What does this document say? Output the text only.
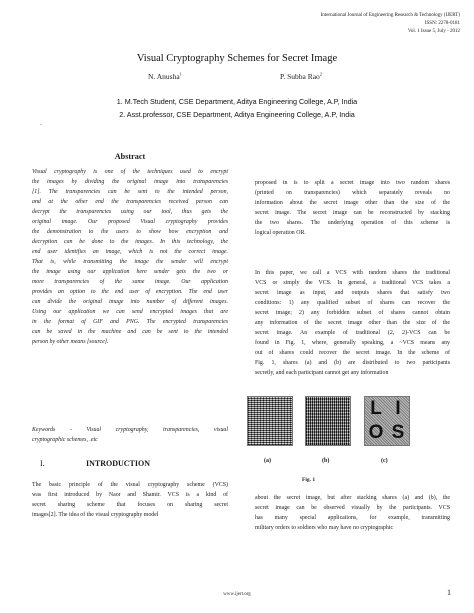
International Journal of Engineering Research & Technology (IJERT)
ISSN: 2278-0181
Vol. 1 Issue 5, July - 2012
Visual Cryptography Schemes for Secret Image
N. Anusha$^1$	P. Subba Rao$^2$
1. M.Tech Student, CSE Department, Aditya Engineering College, A.P, India
2. Asst.professor, CSE Department, Aditya Engineering College, A.P, India
-
Abstract
Visual cryptography is one of the techniques used to encrypt
the images by dividing the original image into transparencies
[1]. The transparencies can be sent to the intended person,
and at the other end the transparencies received person can
decrypt the transparencies using our tool, thus gets the
original image. Our proposed Visual cryptography provides
the demonstration to the users to show how encryption and
decryption can be done to the images. In this technology, the
end user identifies an image, which is not the correct image.
That is, while transmitting the image the sender will encrypt
the image using our application here sender gets the two or
more transparencies of the same image. Our application
provides an option to the end user of encryption. The end user
can divide the original image into number of different images.
Using our application we can send encrypted images that are
in the format of GIF and PNG. The encrypted transparencies
can be saved in the machine and can be sent to the intended
person by other means [source].
Keywords - Visual cryptography, transparencies, visual
cryptographic schemes, .etc
I.	INTRODUCTION
The basic principle of the visual cryptography scheme (VCS)
was first introduced by Naor and Shamir. VCS is a kind of
secret sharing scheme that focuses on sharing secret
images[2]. The idea of the visual cryptography model
proposed in is to split a secret image into two random shares
(printed on transparencies) which separately reveals no
information about the secret image other than the size of the
secret image. The secret image can be reconstructed by stacking
the two shares. The underlying operation of this scheme is
logical operation OR.
In this paper, we call a VCS with random shares the traditional
VCS or simply the VCS. In general, a traditional VCS takes a
secret image as input, and outputs shares that satisfy two
conditions: 1) any qualified subset of shares can recover the
secret image; 2) any forbidden subset of shares cannot obtain
any information of the secret image other than the size of the
secret image. An example of traditional (2, 2)-VCS can be
found in Fig. 1, where, generally speaking, a ~VCS means any
out of shares could recover the secret image. In the scheme of
Fig. 1, shares (a) and (b) are distributed to two participants
secretly, and each participant cannot get any information
L I
O S
(a)	(b)	(c)
Fig. 1
about the secret image, but after stacking shares (a) and (b), the
secret image can be observed visually by the participants. VCS
has many special applications, for example, transmitting
military orders to soldiers who may have no cryptographic
www.ijert.org	1
